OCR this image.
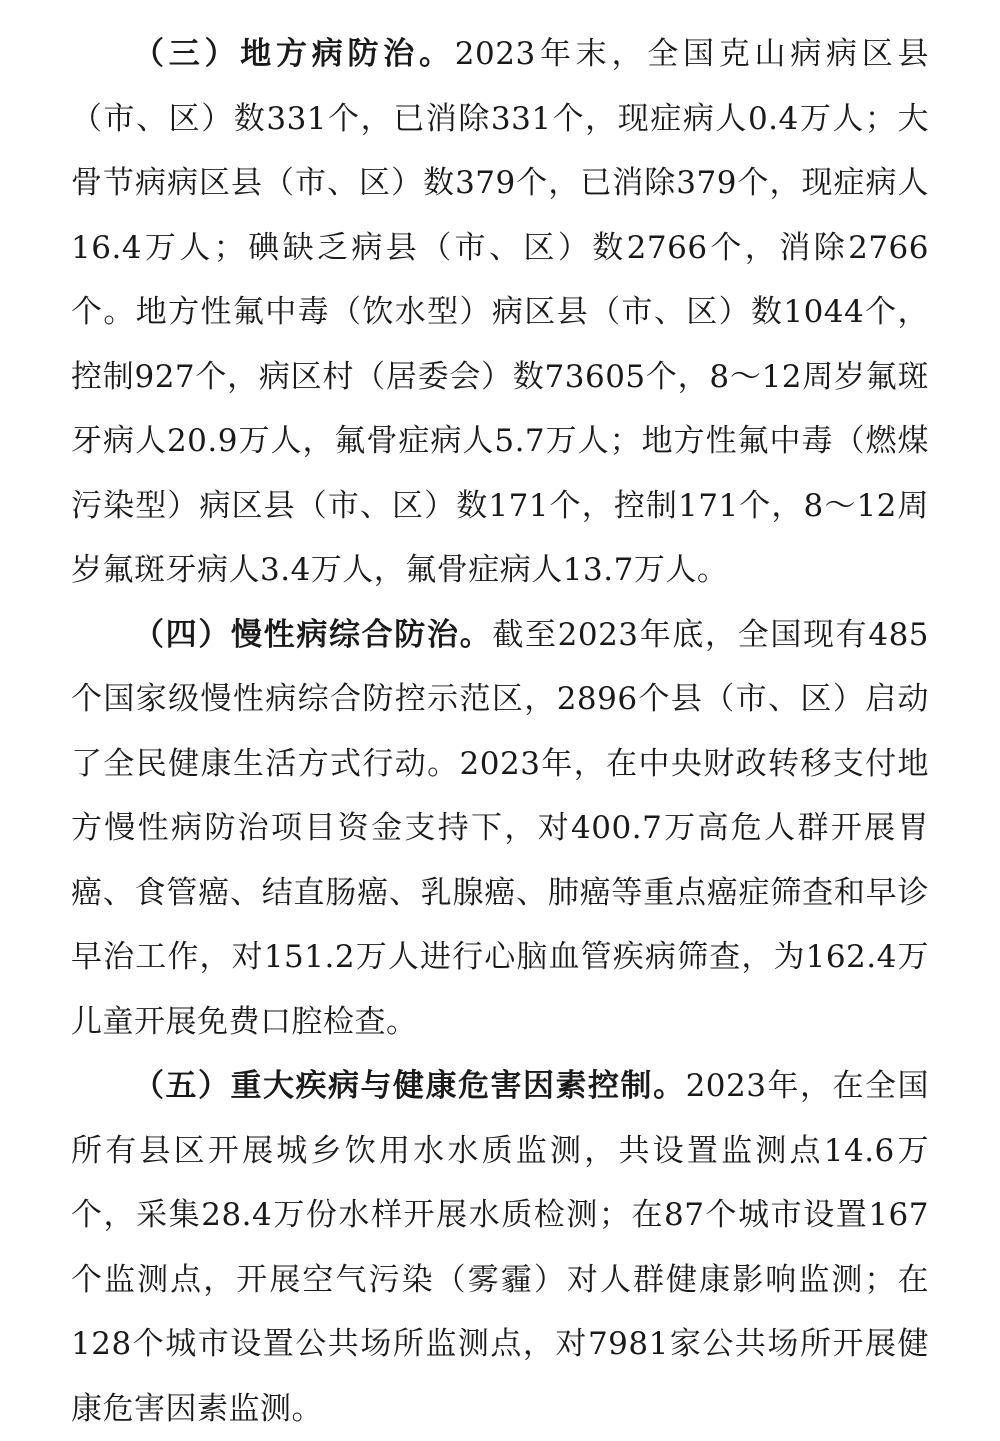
（三）地方病防治。2023年末，全国克山病病区县（市、区）数331个，已消除331个，现症病人0.4万人；大骨节病病区县（市、区）数379个，已消除379个，现症病人16.4万人；碘缺乏病县（市、区）数2766个，消除2766个。地方性氟中毒（饮水型）病区县（市、区）数1044个，控制927个，病区村（居委会）数73605个，8～12周岁氟斑牙病人20.9万人，氟骨症病人5.7万人；地方性氟中毒（燃煤污染型）病区县（市、区）数171个，控制171个，8～12周岁氟斑牙病人3.4万人，氟骨症病人13.7万人。

（四）慢性病综合防治。截至2023年底，全国现有485个国家级慢性病综合防控示范区，2896个县（市、区）启动了全民健康生活方式行动。2023年，在中央财政转移支付地方慢性病防治项目资金支持下，对400.7万高危人群开展胃癌、食管癌、结直肠癌、乳腺癌、肺癌等重点癌症筛查和早诊早治工作，对151.2万人进行心脑血管疾病筛查，为162.4万儿童开展免费口腔检查。

（五）重大疾病与健康危害因素控制。2023年，在全国所有县区开展城乡饮用水水质监测，共设置监测点14.6万个，采集28.4万份水样开展水质检测；在87个城市设置167个监测点，开展空气污染（雾霾）对人群健康影响监测；在128个城市设置公共场所监测点，对7981家公共场所开展健康危害因素监测。
